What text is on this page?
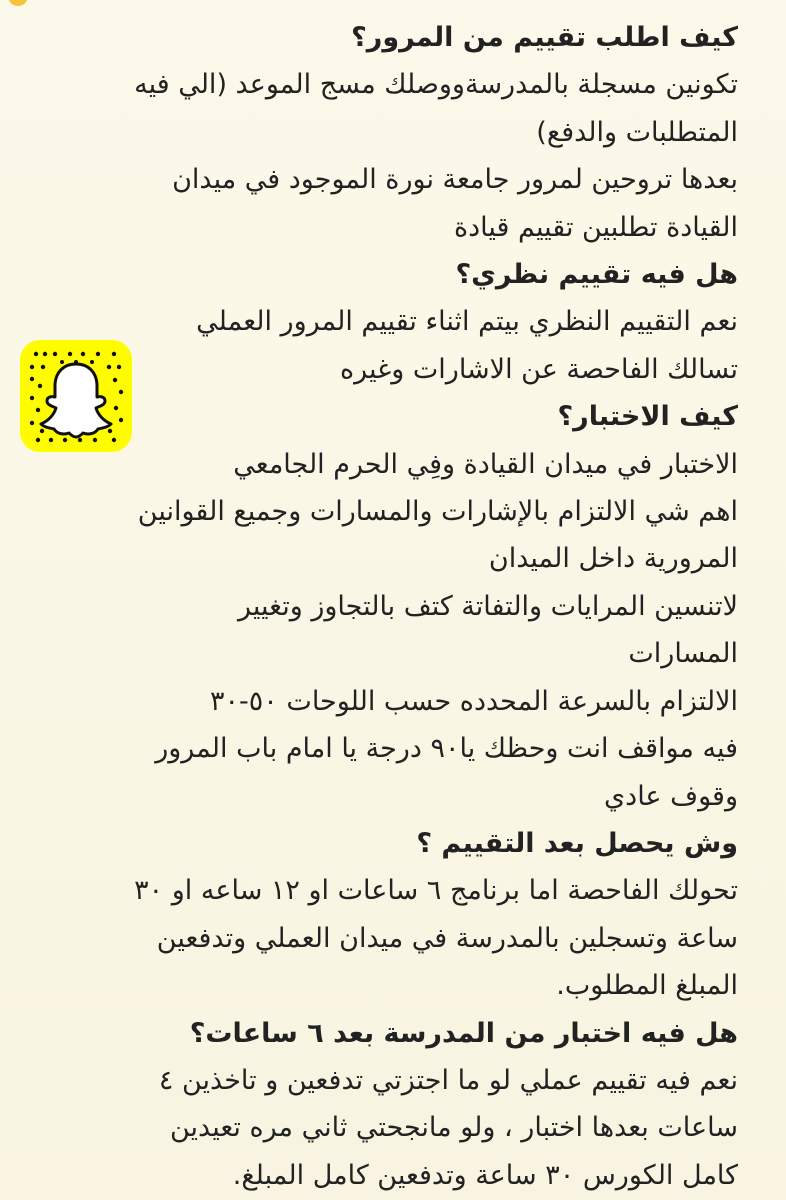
كيف اطلب تقييم من المرور؟
تكونين مسجلة بالمدرسةووصلك مسج الموعد (الي فيه
المتطلبات والدفع)
بعدها تروحين لمرور جامعة نورة الموجود في ميدان
القيادة تطلبين تقييم قيادة
هل فيه تقييم نظري؟
نعم التقييم النظري بيتم اثناء تقييم المرور العملي
تسالك الفاحصة عن الاشارات وغيره
كيف الاختبار؟
الاختبار في ميدان القيادة وفِي الحرم الجامعي
اهم شي الالتزام بالإشارات والمسارات وجميع القوانين
المرورية داخل الميدان
لاتنسين المرايات والتفاتة كتف بالتجاوز وتغيير
المسارات
الالتزام بالسرعة المحدده حسب اللوحات ٥٠-٣٠
فيه مواقف انت وحظك يا٩٠ درجة يا امام باب المرور
وقوف عادي
وش يحصل بعد التقييم ؟
تحولك الفاحصة اما برنامج ٦ ساعات او ١٢ ساعه او ٣٠
ساعة وتسجلين بالمدرسة في ميدان العملي وتدفعين
المبلغ المطلوب.
هل فيه اختبار من المدرسة بعد ٦ ساعات؟
نعم فيه تقييم عملي لو ما اجتزتي تدفعين و تاخذين ٤
ساعات بعدها اختبار ، ولو مانجحتي ثاني مره تعيدين
كامل الكورس ٣٠ ساعة وتدفعين كامل المبلغ.
